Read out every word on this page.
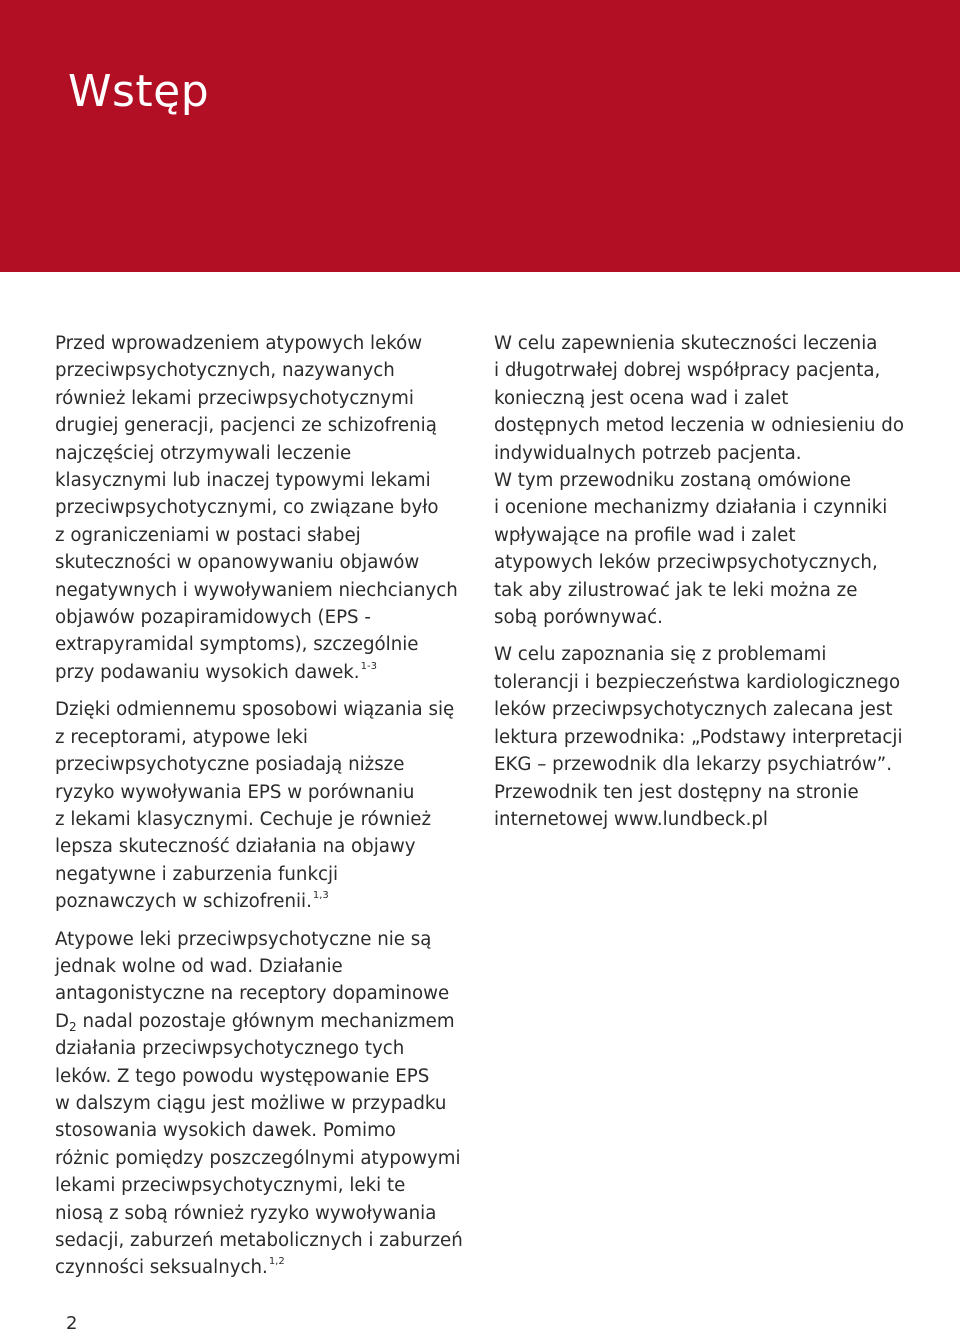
Wstęp

Przed wprowadzeniem atypowych leków
przeciwpsychotycznych, nazywanych
również lekami przeciwpsychotycznymi
drugiej generacji, pacjenci ze schizofrenią
najczęściej otrzymywali leczenie
klasycznymi lub inaczej typowymi lekami
przeciwpsychotycznymi, co związane było
z ograniczeniami w postaci słabej
skuteczności w opanowywaniu objawów
negatywnych i wywoływaniem niechcianych
objawów pozapiramidowych (EPS -
extrapyramidal symptoms), szczególnie
przy podawaniu wysokich dawek.$^{1-3}$

Dzięki odmiennemu sposobowi wiązania się
z receptorami, atypowe leki
przeciwpsychotyczne posiadają niższe
ryzyko wywoływania EPS w porównaniu
z lekami klasycznymi. Cechuje je również
lepsza skuteczność działania na objawy
negatywne i zaburzenia funkcji
poznawczych w schizofrenii.$^{1,3}$

Atypowe leki przeciwpsychotyczne nie są
jednak wolne od wad. Działanie
antagonistyczne na receptory dopaminowe
$D_2$ nadal pozostaje głównym mechanizmem
działania przeciwpsychotycznego tych
leków. Z tego powodu występowanie EPS
w dalszym ciągu jest możliwe w przypadku
stosowania wysokich dawek. Pomimo
różnic pomiędzy poszczególnymi atypowymi
lekami przeciwpsychotycznymi, leki te
niosą z sobą również ryzyko wywoływania
sedacji, zaburzeń metabolicznych i zaburzeń
czynności seksualnych.$^{1,2}$

W celu zapewnienia skuteczności leczenia
i długotrwałej dobrej współpracy pacjenta,
konieczną jest ocena wad i zalet
dostępnych metod leczenia w odniesieniu do
indywidualnych potrzeb pacjenta.

W tym przewodniku zostaną omówione
i ocenione mechanizmy działania i czynniki
wpływające na profile wad i zalet
atypowych leków przeciwpsychotycznych,
tak aby zilustrować jak te leki można ze
sobą porównywać.

W celu zapoznania się z problemami
tolerancji i bezpieczeństwa kardiologicznego
leków przeciwpsychotycznych zalecana jest
lektura przewodnika: „Podstawy interpretacji
EKG – przewodnik dla lekarzy psychiatrów”.
Przewodnik ten jest dostępny na stronie
internetowej www.lundbeck.pl

2
